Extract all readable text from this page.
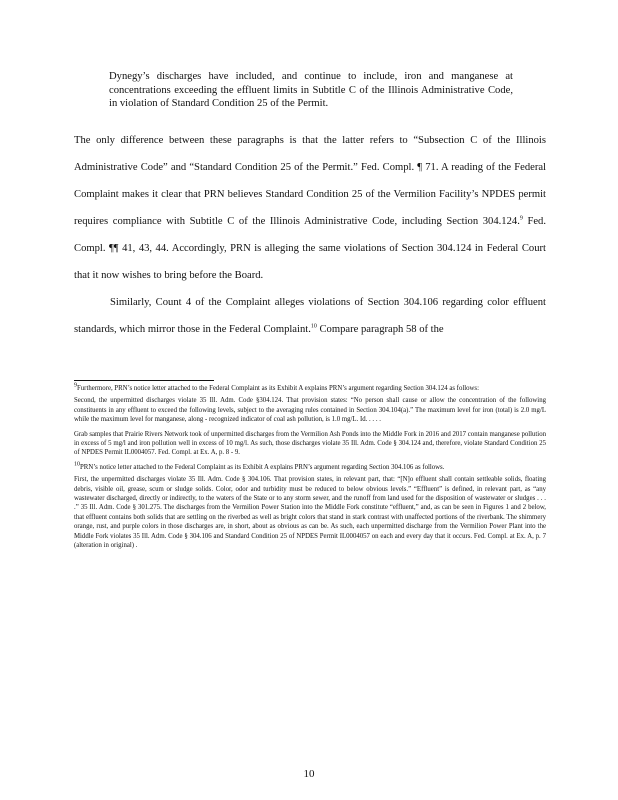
Dynegy’s discharges have included, and continue to include, iron and manganese at concentrations exceeding the effluent limits in Subtitle C of the Illinois Administrative Code, in violation of Standard Condition 25 of the Permit.

The only difference between these paragraphs is that the latter refers to “Subsection C of the Illinois Administrative Code” and “Standard Condition 25 of the Permit.” Fed. Compl. ¶ 71. A reading of the Federal Complaint makes it clear that PRN believes Standard Condition 25 of the Vermilion Facility’s NPDES permit requires compliance with Subtitle C of the Illinois Administrative Code, including Section 304.124.$^9$ Fed. Compl. ¶¶ 41, 43, 44. Accordingly, PRN is alleging the same violations of Section 304.124 in Federal Court that it now wishes to bring before the Board.

Similarly, Count 4 of the Complaint alleges violations of Section 304.106 regarding color effluent standards, which mirror those in the Federal Complaint.$^{10}$ Compare paragraph 58 of the

$^9$Furthermore, PRN’s notice letter attached to the Federal Complaint as its Exhibit A explains PRN’s argument regarding Section 304.124 as follows:

Second, the unpermitted discharges violate 35 Ill. Adm. Code §304.124. That provision states: “No person shall cause or allow the concentration of the following constituents in any effluent to exceed the following levels, subject to the averaging rules contained in Section 304.104(a).” The maximum level for iron (total) is 2.0 mg/L while the maximum level for manganese, along - recognized indicator of coal ash pollution, is 1.0 mg/L. Id. . . . .

Grab samples that Prairie Rivers Network took of unpermitted discharges from the Vermilion Ash Ponds into the Middle Fork in 2016 and 2017 contain manganese pollution in excess of 5 mg/l and iron pollution well in excess of 10 mg/l. As such, those discharges violate 35 Ill. Adm. Code § 304.124 and, therefore, violate Standard Condition 25 of NPDES Permit IL0004057. Fed. Compl. at Ex. A, p. 8 - 9.

$^{10}$PRN’s notice letter attached to the Federal Complaint as its Exhibit A explains PRN’s argument regarding Section 304.106 as follows.

First, the unpermitted discharges violate 35 Ill. Adm. Code § 304.106. That provision states, in relevant part, that: “[N]o effluent shall contain settleable solids, floating debris, visible oil, grease, scum or sludge solids. Color, odor and turbidity must be reduced to below obvious levels.” “Effluent” is defined, in relevant part, as “any wastewater discharged, directly or indirectly, to the waters of the State or to any storm sewer, and the runoff from land used for the disposition of wastewater or sludges . . . .” 35 Ill. Adm. Code § 301.275. The discharges from the Vermilion Power Station into the Middle Fork constitute “effluent,” and, as can be seen in Figures 1 and 2 below, that effluent contains both solids that are settling on the riverbed as well as bright colors that stand in stark contrast with unaffected portions of the riverbank. The shimmery orange, rust, and purple colors in those discharges are, in short, about as obvious as can be. As such, each unpermitted discharge from the Vermilion Power Plant into the Middle Fork violates 35 Ill. Adm. Code § 304.106 and Standard Condition 25 of NPDES Permit IL0004057 on each and every day that it occurs. Fed. Compl. at Ex. A, p. 7 (alteration in original) .

10
